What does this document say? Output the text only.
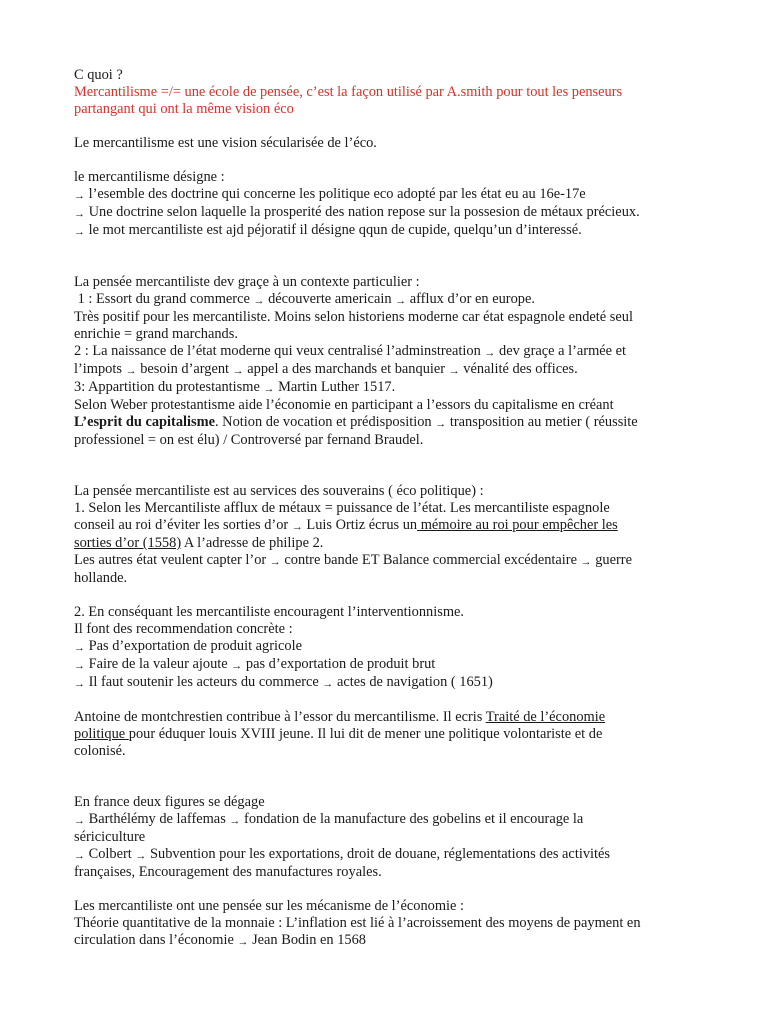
C quoi ?
Mercantilisme =/= une école de pensée, c’est la façon utilisé par A.smith pour tout les penseurs
partangant qui ont la même vision éco
Le mercantilisme est une vision sécularisée de l’éco.
le mercantilisme désigne :
→ l’esemble des doctrine qui concerne les politique eco adopté par les état eu au 16e-17e
→ Une doctrine selon laquelle la prosperité des nation repose sur la possesion de métaux précieux.
→ le mot mercantiliste est ajd péjoratif il désigne qqun de cupide, quelqu’un d’interessé.
La pensée mercantiliste dev graçe à un contexte particulier :
1 : Essort du grand commerce → découverte americain → afflux d’or en europe.
Très positif pour les mercantiliste. Moins selon historiens moderne car état espagnole endeté seul
enrichie = grand marchands.
2 : La naissance de l’état moderne qui veux centralisé l’adminstreation → dev graçe a l’armée et
l’impots → besoin d’argent → appel a des marchands et banquier → vénalité des offices.
3: Appartition du protestantisme → Martin Luther 1517.
Selon Weber protestantisme aide l’économie en participant a l’essors du capitalisme en créant
L’esprit du capitalisme. Notion de vocation et prédisposition → transposition au metier ( réussite
professionel = on est élu) / Controversé par fernand Braudel.
La pensée mercantiliste est au services des souverains ( éco politique) :
1. Selon les Mercantiliste afflux de métaux = puissance de l’état. Les mercantiliste espagnole
conseil au roi d’éviter les sorties d’or → Luis Ortiz écrus un mémoire au roi pour empêcher les
sorties d’or (1558) A l’adresse de philipe 2.
Les autres état veulent capter l’or → contre bande ET Balance commercial excédentaire → guerre
hollande.
2. En conséquant les mercantiliste encouragent l’interventionnisme.
Il font des recommendation concrète :
→ Pas d’exportation de produit agricole
→ Faire de la valeur ajoute → pas d’exportation de produit brut
→ Il faut soutenir les acteurs du commerce → actes de navigation ( 1651)
Antoine de montchrestien contribue à l’essor du mercantilisme. Il ecris Traité de l’économie
politique pour éduquer louis XVIII jeune. Il lui dit de mener une politique volontariste et de
colonisé.
En france deux figures se dégage
→ Barthélémy de laffemas → fondation de la manufacture des gobelins et il encourage la
sériciculture
→ Colbert → Subvention pour les exportations, droit de douane, réglementations des activités
françaises, Encouragement des manufactures royales.
Les mercantiliste ont une pensée sur les mécanisme de l’économie :
Théorie quantitative de la monnaie : L’inflation est lié à l’acroissement des moyens de payment en
circulation dans l’économie → Jean Bodin en 1568
